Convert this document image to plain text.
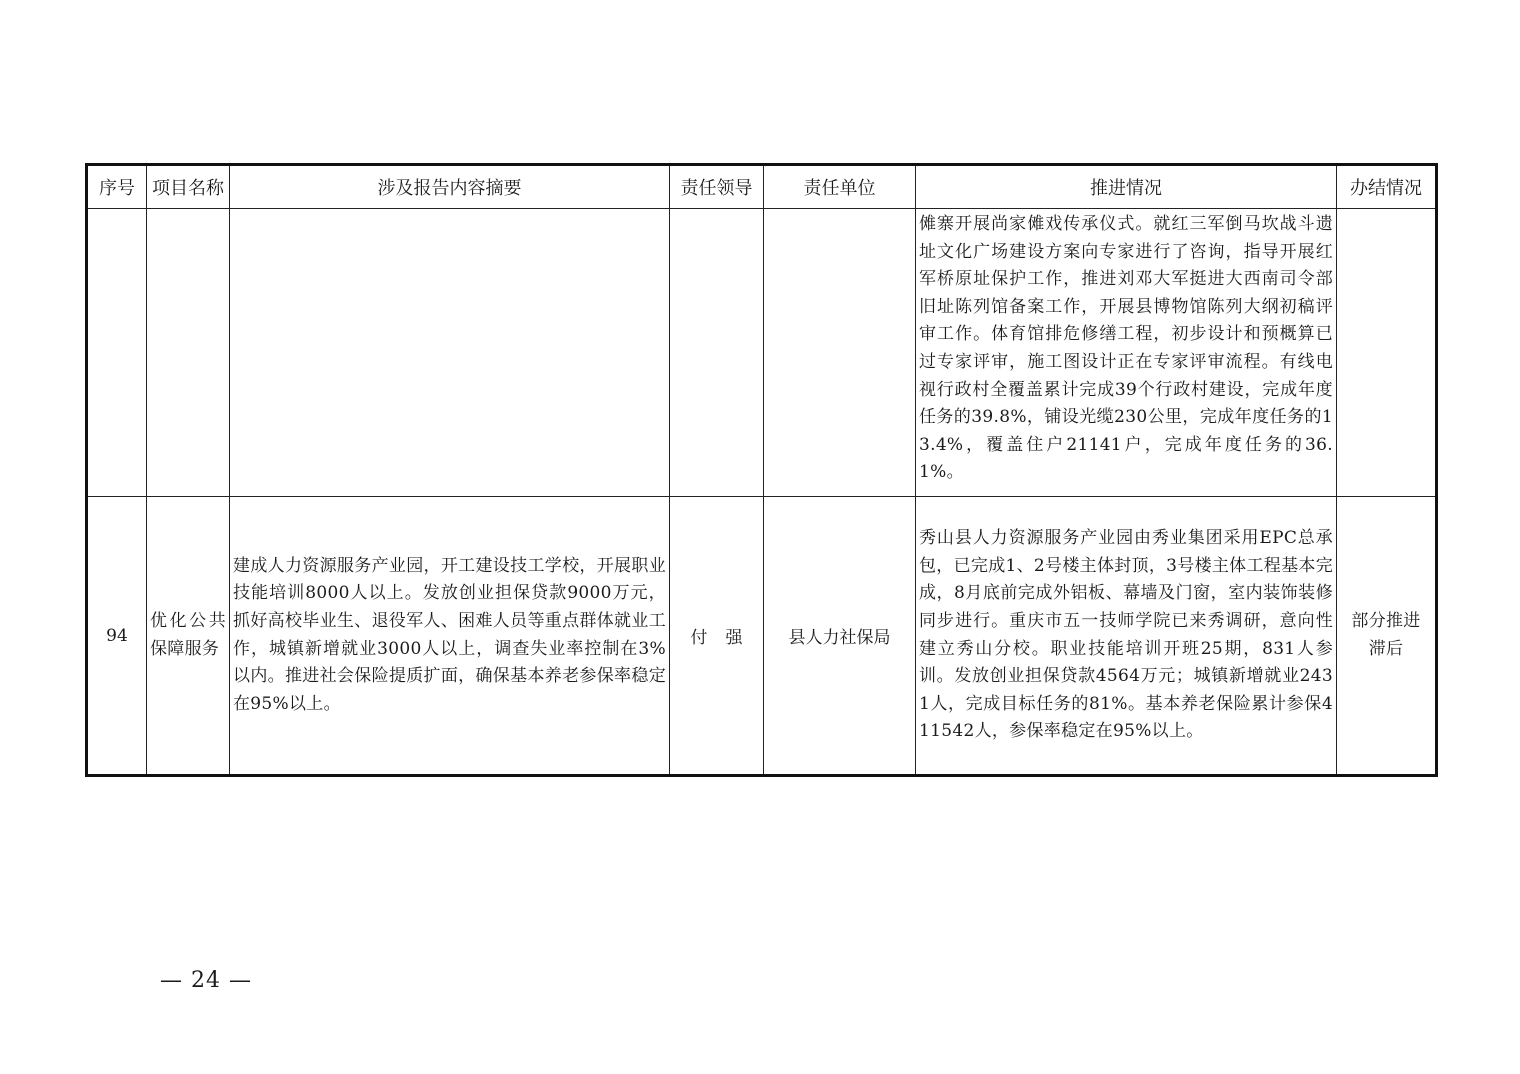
序号	项目名称	涉及报告内容摘要	责任领导	责任单位	推进情况	办结情况

					傩寨开展尚家傩戏传承仪式。就红三军倒马坎战斗遗址文化广场建设方案向专家进行了咨询，指导开展红军桥原址保护工作，推进刘邓大军挺进大西南司令部旧址陈列馆备案工作，开展县博物馆陈列大纲初稿评审工作。体育馆排危修缮工程，初步设计和预概算已过专家评审，施工图设计正在专家评审流程。有线电视行政村全覆盖累计完成39个行政村建设，完成年度任务的39.8%，铺设光缆230公里，完成年度任务的13.4%，覆盖住户21141户，完成年度任务的36.1%。	

94	优化公共保障服务	建成人力资源服务产业园，开工建设技工学校，开展职业技能培训8000人以上。发放创业担保贷款9000万元，抓好高校毕业生、退役军人、困难人员等重点群体就业工作，城镇新增就业3000人以上，调查失业率控制在3%以内。推进社会保险提质扩面，确保基本养老参保率稳定在95%以上。	付强	县人力社保局	秀山县人力资源服务产业园由秀业集团采用EPC总承包，已完成1、2号楼主体封顶，3号楼主体工程基本完成，8月底前完成外铝板、幕墙及门窗，室内装饰装修同步进行。重庆市五一技师学院已来秀调研，意向性建立秀山分校。职业技能培训开班25期，831人参训。发放创业担保贷款4564万元；城镇新增就业2431人，完成目标任务的81%。基本养老保险累计参保411542人，参保率稳定在95%以上。	部分推进滞后
— 24 —
